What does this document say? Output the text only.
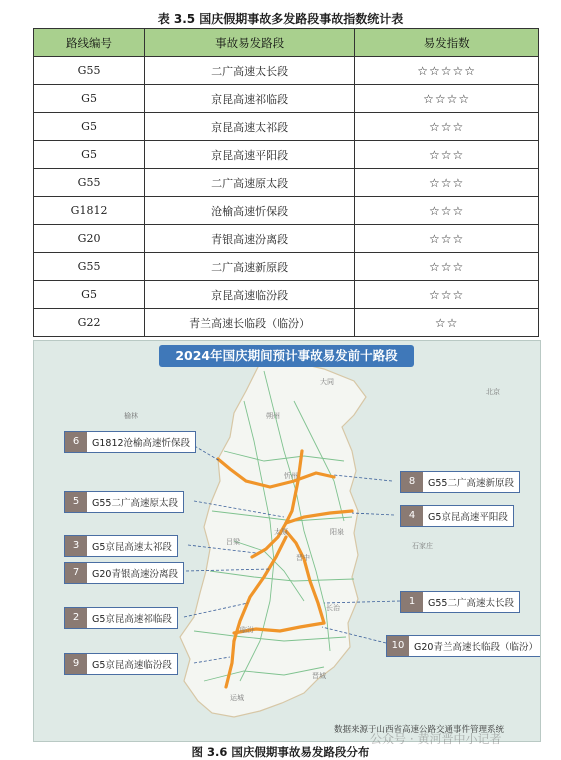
表 3.5 国庆假期事故多发路段事故指数统计表
路线编号	事故易发路段	易发指数
G55	二广高速太长段	☆☆☆☆☆
G5	京昆高速祁临段	☆☆☆☆
G5	京昆高速太祁段	☆☆☆
G5	京昆高速平阳段	☆☆☆
G55	二广高速原太段	☆☆☆
G1812	沧榆高速忻保段	☆☆☆
G20	青银高速汾离段	☆☆☆
G55	二广高速新原段	☆☆☆
G5	京昆高速临汾段	☆☆☆
G22	青兰高速长临段（临汾）	☆☆
2024年国庆期间预计事故易发前十路段
6	G1812沧榆高速忻保段
5	G55二广高速原太段
3	G5京昆高速太祁段
7	G20青银高速汾离段
2	G5京昆高速祁临段
9	G5京昆高速临汾段
8	G55二广高速新原段
4	G5京昆高速平阳段
1	G55二广高速太长段
10	G20青兰高速长临段（临汾）
北京
朔州
大同
忻州
太原	阳泉
吕梁
晋中
长治
临汾
晋城
运城
榆林
石家庄
数据来源于山西省高速公路交通事件管理系统
公众号 · 黄河晋中小记者
图 3.6 国庆假期事故易发路段分布
